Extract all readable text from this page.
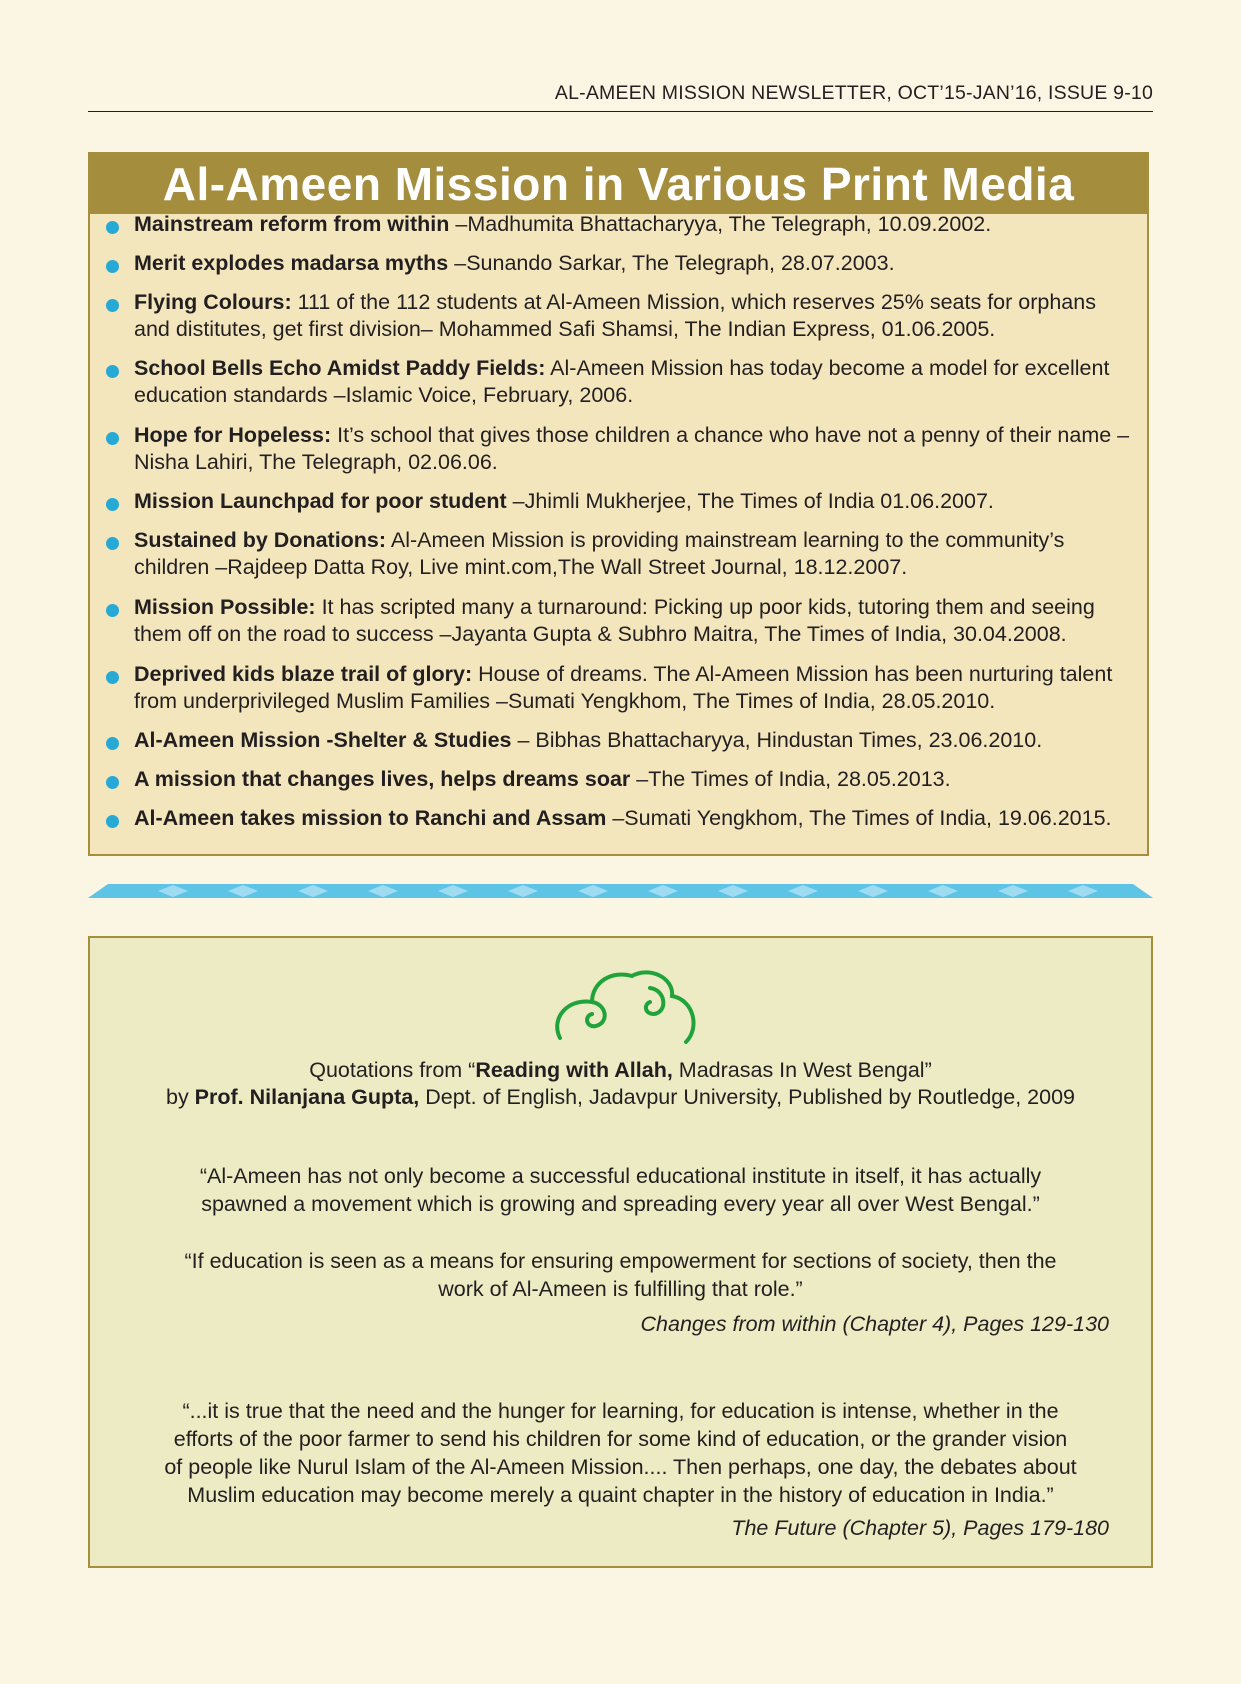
AL-AMEEN MISSION NEWSLETTER, OCT’15-JAN’16, ISSUE 9-10
Al-Ameen Mission in Various Print Media
Mainstream reform from within –Madhumita Bhattacharyya, The Telegraph, 10.09.2002.
Merit explodes madarsa myths –Sunando Sarkar, The Telegraph, 28.07.2003.
Flying Colours: 111 of the 112 students at Al-Ameen Mission, which reserves 25% seats for orphans and distitutes, get first division– Mohammed Safi Shamsi, The Indian Express, 01.06.2005.
School Bells Echo Amidst Paddy Fields: Al-Ameen Mission has today become a model for excellent education standards –Islamic Voice, February, 2006.
Hope for Hopeless: It’s school that gives those children a chance who have not a penny of their name –Nisha Lahiri, The Telegraph, 02.06.06.
Mission Launchpad for poor student –Jhimli Mukherjee, The Times of India 01.06.2007.
Sustained by Donations: Al-Ameen Mission is providing mainstream learning to the community’s children –Rajdeep Datta Roy, Live mint.com,The Wall Street Journal, 18.12.2007.
Mission Possible: It has scripted many a turnaround: Picking up poor kids, tutoring them and seeing them off on the road to success –Jayanta Gupta & Subhro Maitra, The Times of India, 30.04.2008.
Deprived kids blaze trail of glory: House of dreams. The Al-Ameen Mission has been nurturing talent from underprivileged Muslim Families –Sumati Yengkhom, The Times of India, 28.05.2010.
Al-Ameen Mission -Shelter & Studies – Bibhas Bhattacharyya, Hindustan Times, 23.06.2010.
A mission that changes lives, helps dreams soar –The Times of India, 28.05.2013.
Al-Ameen takes mission to Ranchi and Assam –Sumati Yengkhom, The Times of India, 19.06.2015.
Quotations from “Reading with Allah, Madrasas In West Bengal”
by Prof. Nilanjana Gupta, Dept. of English, Jadavpur University, Published by Routledge, 2009
“Al-Ameen has not only become a successful educational institute in itself, it has actually
spawned a movement which is growing and spreading every year all over West Bengal.”
“If education is seen as a means for ensuring empowerment for sections of society, then the
work of Al-Ameen is fulfilling that role.”
Changes from within (Chapter 4), Pages 129-130
“...it is true that the need and the hunger for learning, for education is intense, whether in the
efforts of the poor farmer to send his children for some kind of education, or the grander vision
of people like Nurul Islam of the Al-Ameen Mission.... Then perhaps, one day, the debates about
Muslim education may become merely a quaint chapter in the history of education in India.”
The Future (Chapter 5), Pages 179-180
